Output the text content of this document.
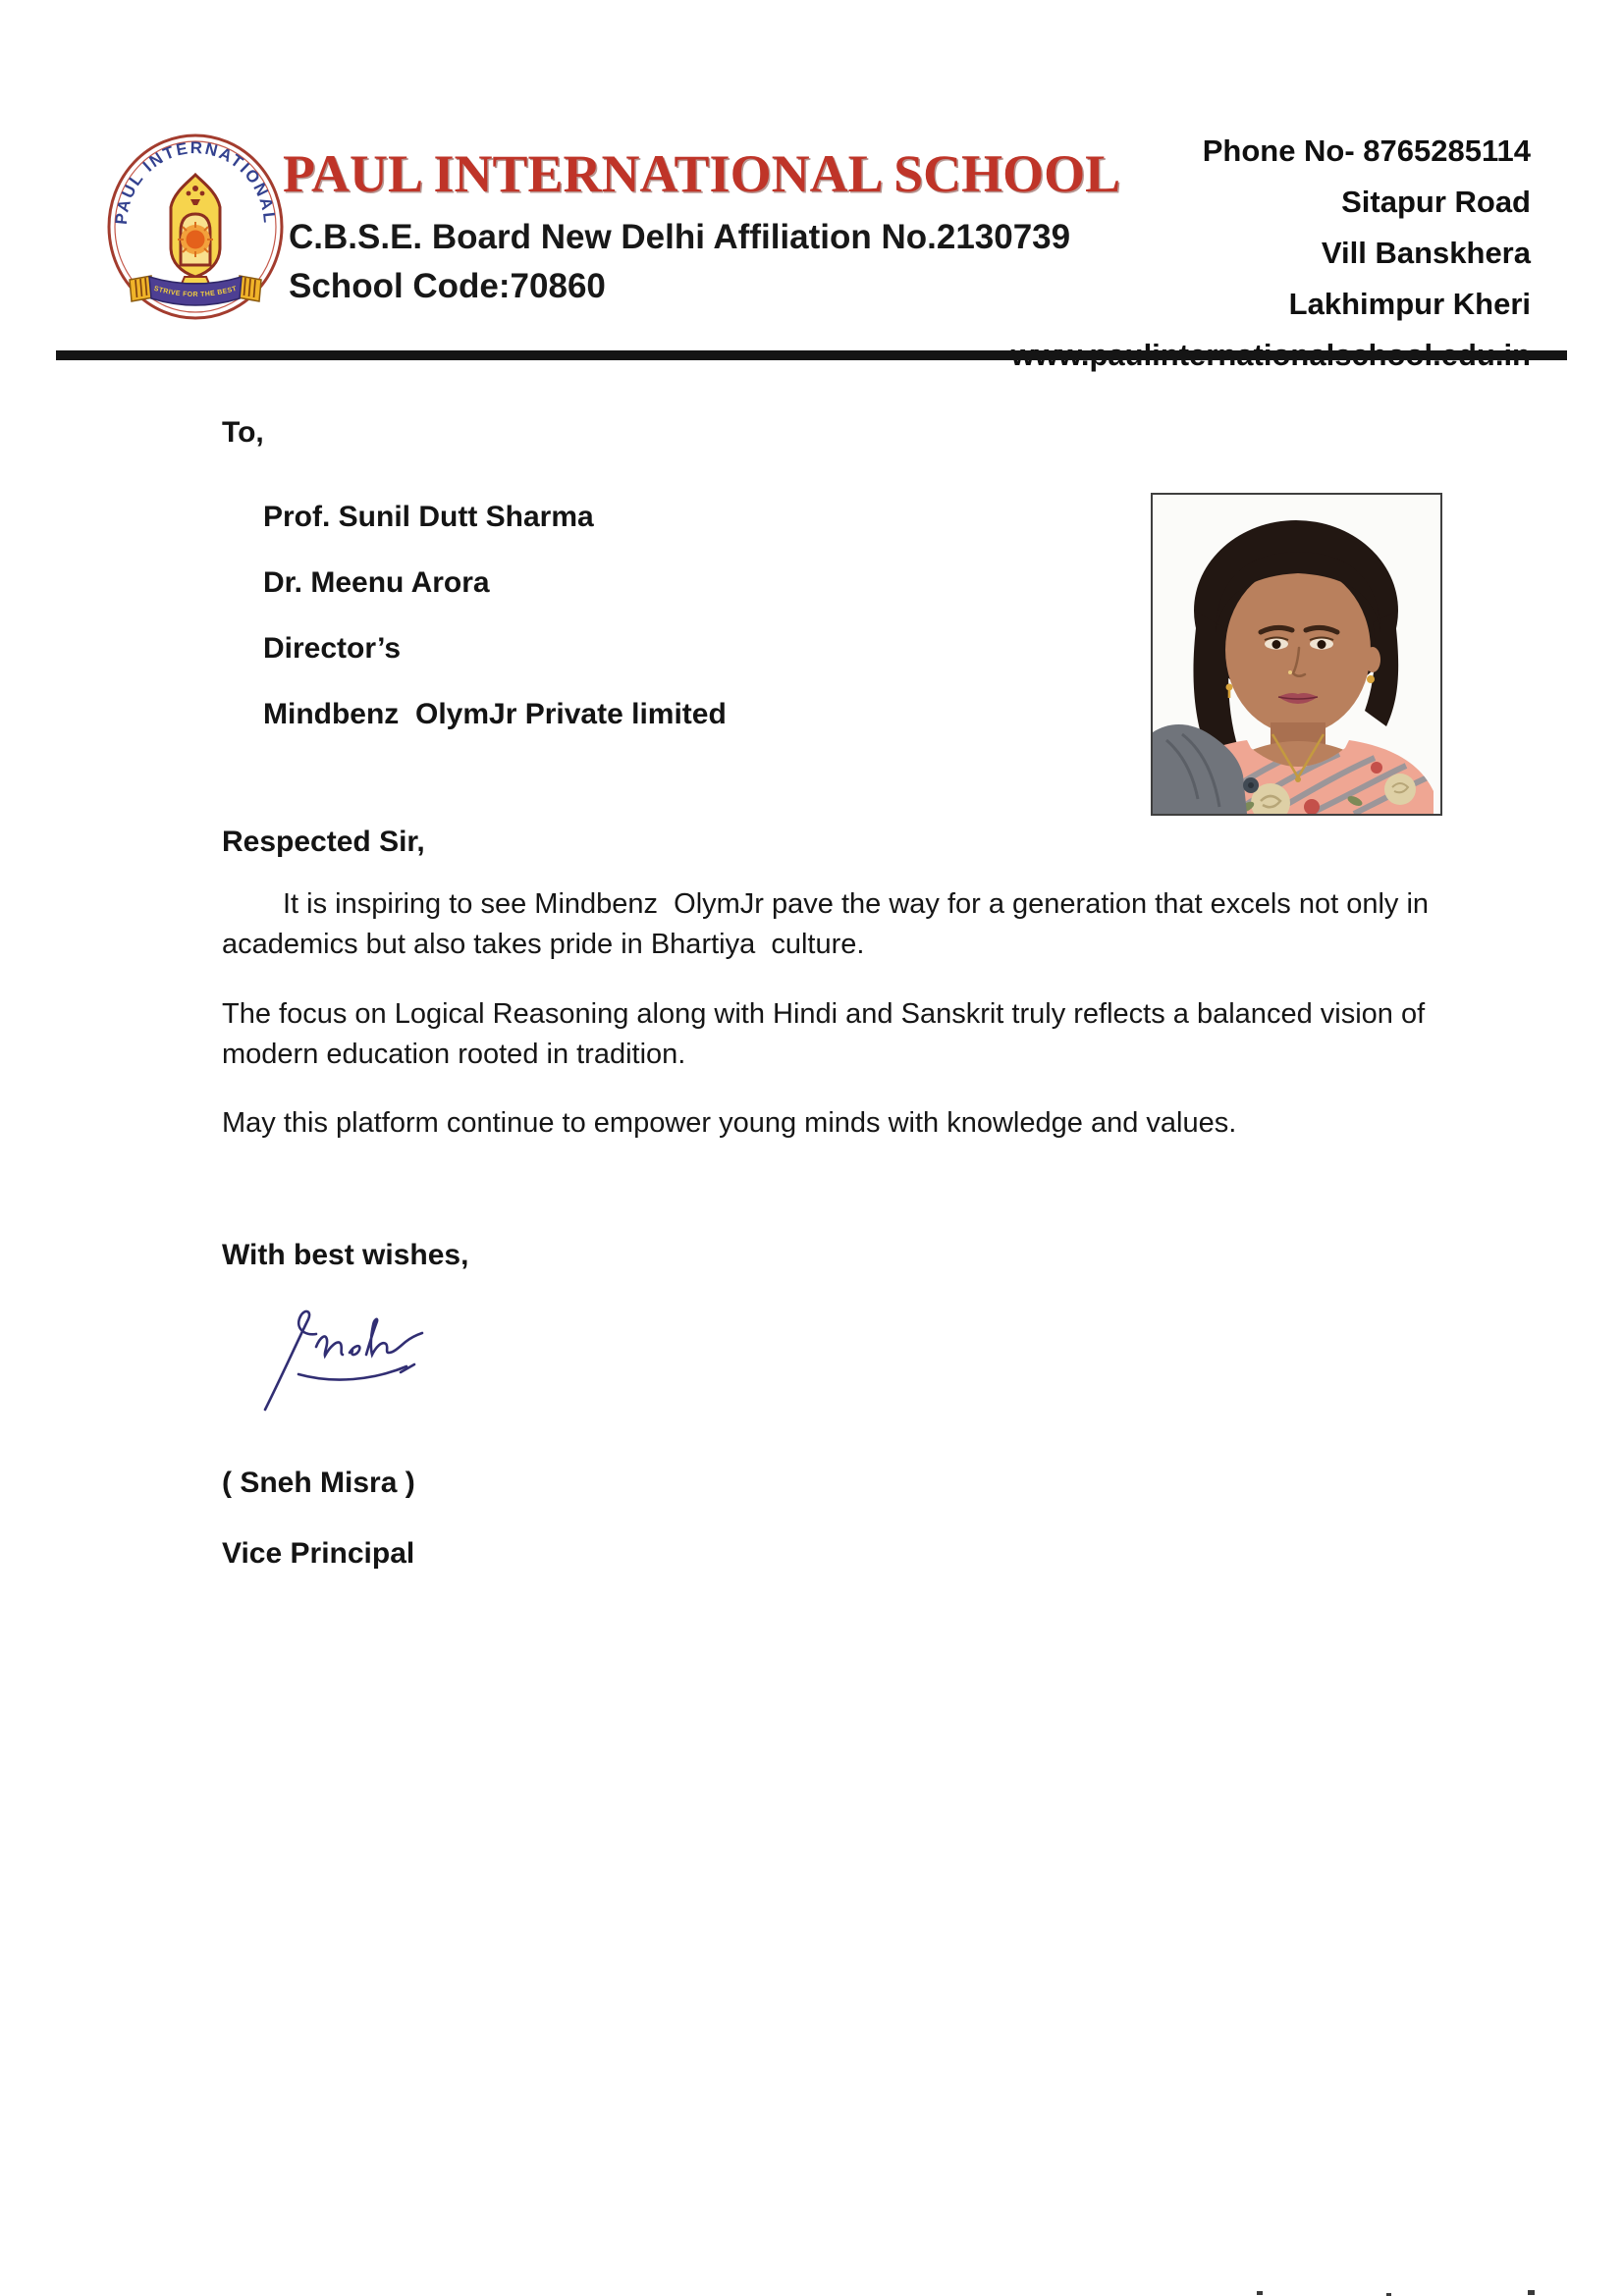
PAUL INTERNATIONAL
STRIVE FOR THE BEST
PAUL INTERNATIONAL SCHOOL
C.B.S.E. Board New Delhi Affiliation No.2130739
School Code:70860
Phone No- 8765285114
Sitapur Road
Vill Banskhera
Lakhimpur Kheri
To,
Prof. Sunil Dutt Sharma
Dr. Meenu Arora
Director’s
Mindbenz  OlymJr Private limited
Respected Sir,

It is inspiring to see Mindbenz  OlymJr pave the way for a generation that excels not only in academics but also takes pride in Bhartiya  culture.

The focus on Logical Reasoning along with Hindi and Sanskrit truly reflects a balanced vision of modern education rooted in tradition.

May this platform continue to empower young minds with knowledge and values.

With best wishes,
( Sneh Misra )
Vice Principal
